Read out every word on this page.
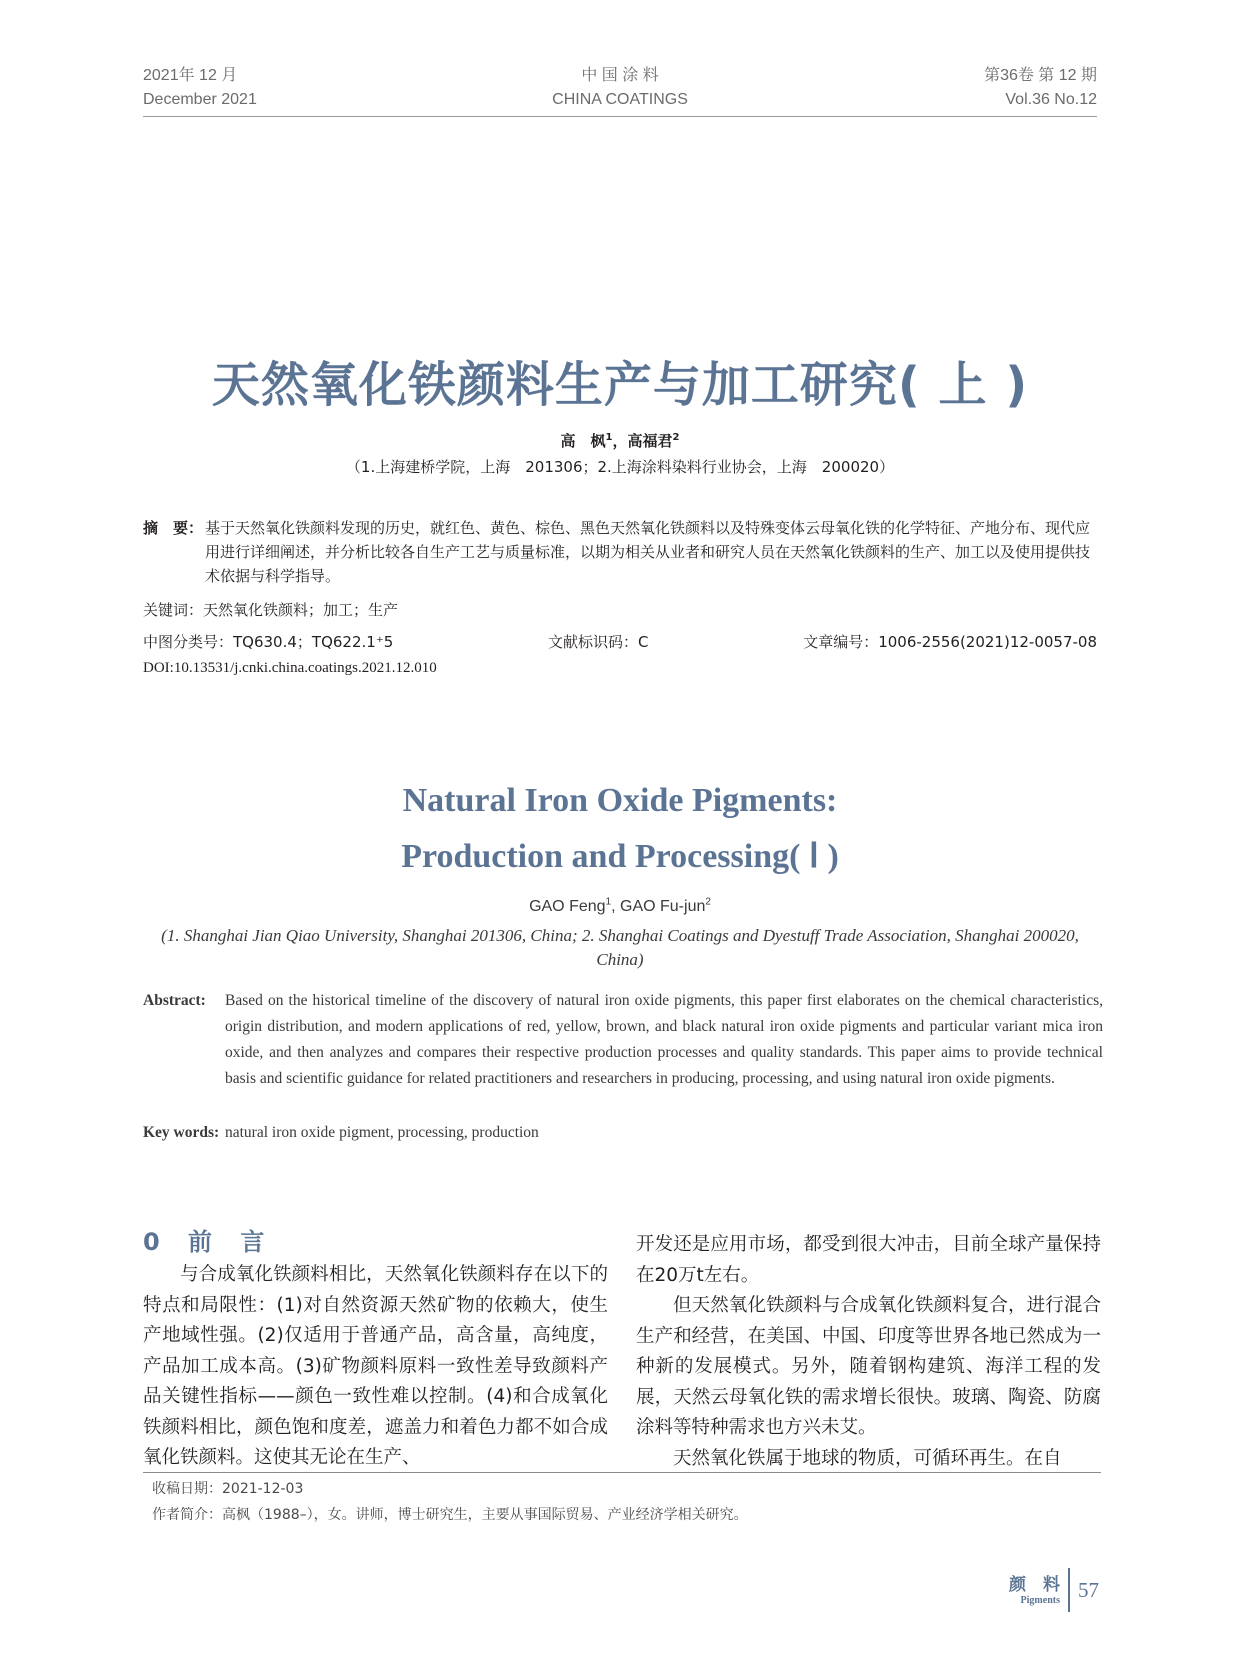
2021年 12 月
December 2021
中 国 涂 料
CHINA COATINGS
第36卷 第 12 期
Vol.36 No.12
天然氧化铁颜料生产与加工研究( 上 )
高　枫$^1$，高福君$^2$
（1.上海建桥学院，上海　201306；2.上海涂料染料行业协会，上海　200020）
摘　要： 基于天然氧化铁颜料发现的历史，就红色、黄色、棕色、黑色天然氧化铁颜料以及特殊变体云母氧化铁的化学特征、产地分布、现代应用进行详细阐述，并分析比较各自生产工艺与质量标准，以期为相关从业者和研究人员在天然氧化铁颜料的生产、加工以及使用提供技术依据与科学指导。
关键词：天然氧化铁颜料；加工；生产
中图分类号：TQ630.4；TQ622.1⁺5	文献标识码：C	文章编号：1006-2556(2021)12-0057-08
DOI:10.13531/j.cnki.china.coatings.2021.12.010
Natural Iron Oxide Pigments:
Production and Processing( Ⅰ )
GAO Feng$^1$, GAO Fu-jun$^2$
(1. Shanghai Jian Qiao University, Shanghai 201306, China; 2. Shanghai Coatings and Dyestuff Trade Association, Shanghai 200020, China)
Abstract: Based on the historical timeline of the discovery of natural iron oxide pigments, this paper first elaborates on the chemical characteristics, origin distribution, and modern applications of red, yellow, brown, and black natural iron oxide pigments and particular variant mica iron oxide, and then analyzes and compares their respective production processes and quality standards. This paper aims to provide technical basis and scientific guidance for related practitioners and researchers in producing, processing, and using natural iron oxide pigments.
Key words: natural iron oxide pigment, processing, production
0 前 言

与合成氧化铁颜料相比，天然氧化铁颜料存在以下的特点和局限性：(1)对自然资源天然矿物的依赖大，使生产地域性强。(2)仅适用于普通产品，高含量，高纯度，产品加工成本高。(3)矿物颜料原料一致性差导致颜料产品关键性指标——颜色一致性难以控制。(4)和合成氧化铁颜料相比，颜色饱和度差，遮盖力和着色力都不如合成氧化铁颜料。这使其无论在生产、

开发还是应用市场，都受到很大冲击，目前全球产量保持在20万t左右。

但天然氧化铁颜料与合成氧化铁颜料复合，进行混合生产和经营，在美国、中国、印度等世界各地已然成为一种新的发展模式。另外，随着钢构建筑、海洋工程的发展，天然云母氧化铁的需求增长很快。玻璃、陶瓷、防腐涂料等特种需求也方兴未艾。

天然氧化铁属于地球的物质，可循环再生。在自

收稿日期：2021-12-03
作者简介：高枫（1988–），女。讲师，博士研究生，主要从事国际贸易、产业经济学相关研究。
颜　料
Pigments 57
